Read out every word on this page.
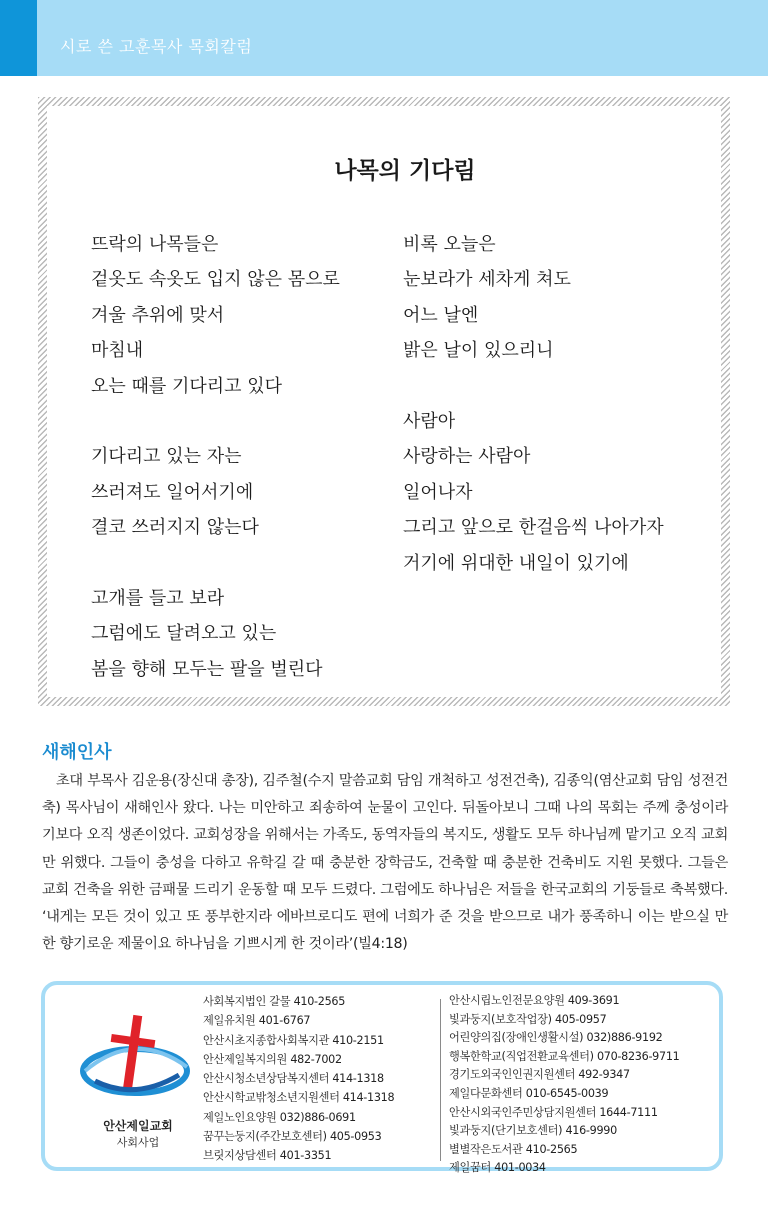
시로 쓴 고훈목사 목회칼럼
나목의 기다림
뜨락의 나목들은
겉옷도 속옷도 입지 않은 몸으로
겨울 추위에 맞서
마침내
오는 때를 기다리고 있다
기다리고 있는 자는
쓰러져도 일어서기에
결코 쓰러지지 않는다
고개를 들고 보라
그럼에도 달려오고 있는
봄을 향해 모두는 팔을 벌린다
비록 오늘은
눈보라가 세차게 쳐도
어느 날엔
밝은 날이 있으리니
사람아
사랑하는 사람아
일어나자
그리고 앞으로 한걸음씩 나아가자
거기에 위대한 내일이 있기에
새해인사
초대 부목사 김운용(장신대 총장), 김주철(수지 말씀교회 담임 개척하고 성전건축), 김종익(염산교회 담임 성전건축) 목사님이 새해인사 왔다. 나는 미안하고 죄송하여 눈물이 고인다. 뒤돌아보니 그때 나의 목회는 주께 충성이라기보다 오직 생존이었다. 교회성장을 위해서는 가족도, 동역자들의 복지도, 생활도 모두 하나님께 맡기고 오직 교회만 위했다. 그들이 충성을 다하고 유학길 갈 때 충분한 장학금도, 건축할 때 충분한 건축비도 지원 못했다. 그들은 교회 건축을 위한 금패물 드리기 운동할 때 모두 드렸다. 그럼에도 하나님은 저들을 한국교회의 기둥들로 축복했다. ‘내게는 모든 것이 있고 또 풍부한지라 에바브로디도 편에 너희가 준 것을 받으므로 내가 풍족하니 이는 받으실 만한 향기로운 제물이요 하나님을 기쁘시게 한 것이라’(빌4:18)
안산제일교회
사회사업
사회복지법인 갈물 410-2565
제일유치원 401-6767
안산시초지종합사회복지관 410-2151
안산제일복지의원 482-7002
안산시청소년상담복지센터 414-1318
안산시학교밖청소년지원센터 414-1318
제일노인요양원 032)886-0691
꿈꾸는둥지(주간보호센터) 405-0953
브릿지상담센터 401-3351
안산시립노인전문요양원 409-3691
빛과둥지(보호작업장) 405-0957
어린양의집(장애인생활시설) 032)886-9192
행복한학교(직업전환교육센터) 070-8236-9711
경기도외국인인권지원센터 492-9347
제일다문화센터 010-6545-0039
안산시외국인주민상담지원센터 1644-7111
빛과둥지(단기보호센터) 416-9990
별별작은도서관 410-2565
제일꿈터 401-0034
